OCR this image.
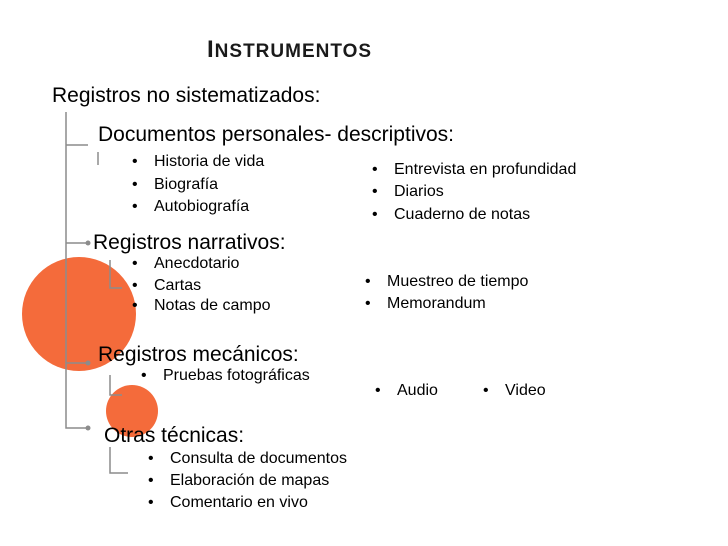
INSTRUMENTOS
Registros no sistematizados:
Documentos personales- descriptivos:
• Historia de vida
• Biografía
• Autobiografía
• Entrevista en profundidad
• Diarios
• Cuaderno de notas
Registros narrativos:
• Anecdotario
• Cartas
• Notas de campo
• Muestreo de tiempo
• Memorandum
Registros mecánicos:
• Pruebas fotográficas
• Audio	• Video
Otras técnicas:
• Consulta de documentos
• Elaboración de mapas
• Comentario en vivo
